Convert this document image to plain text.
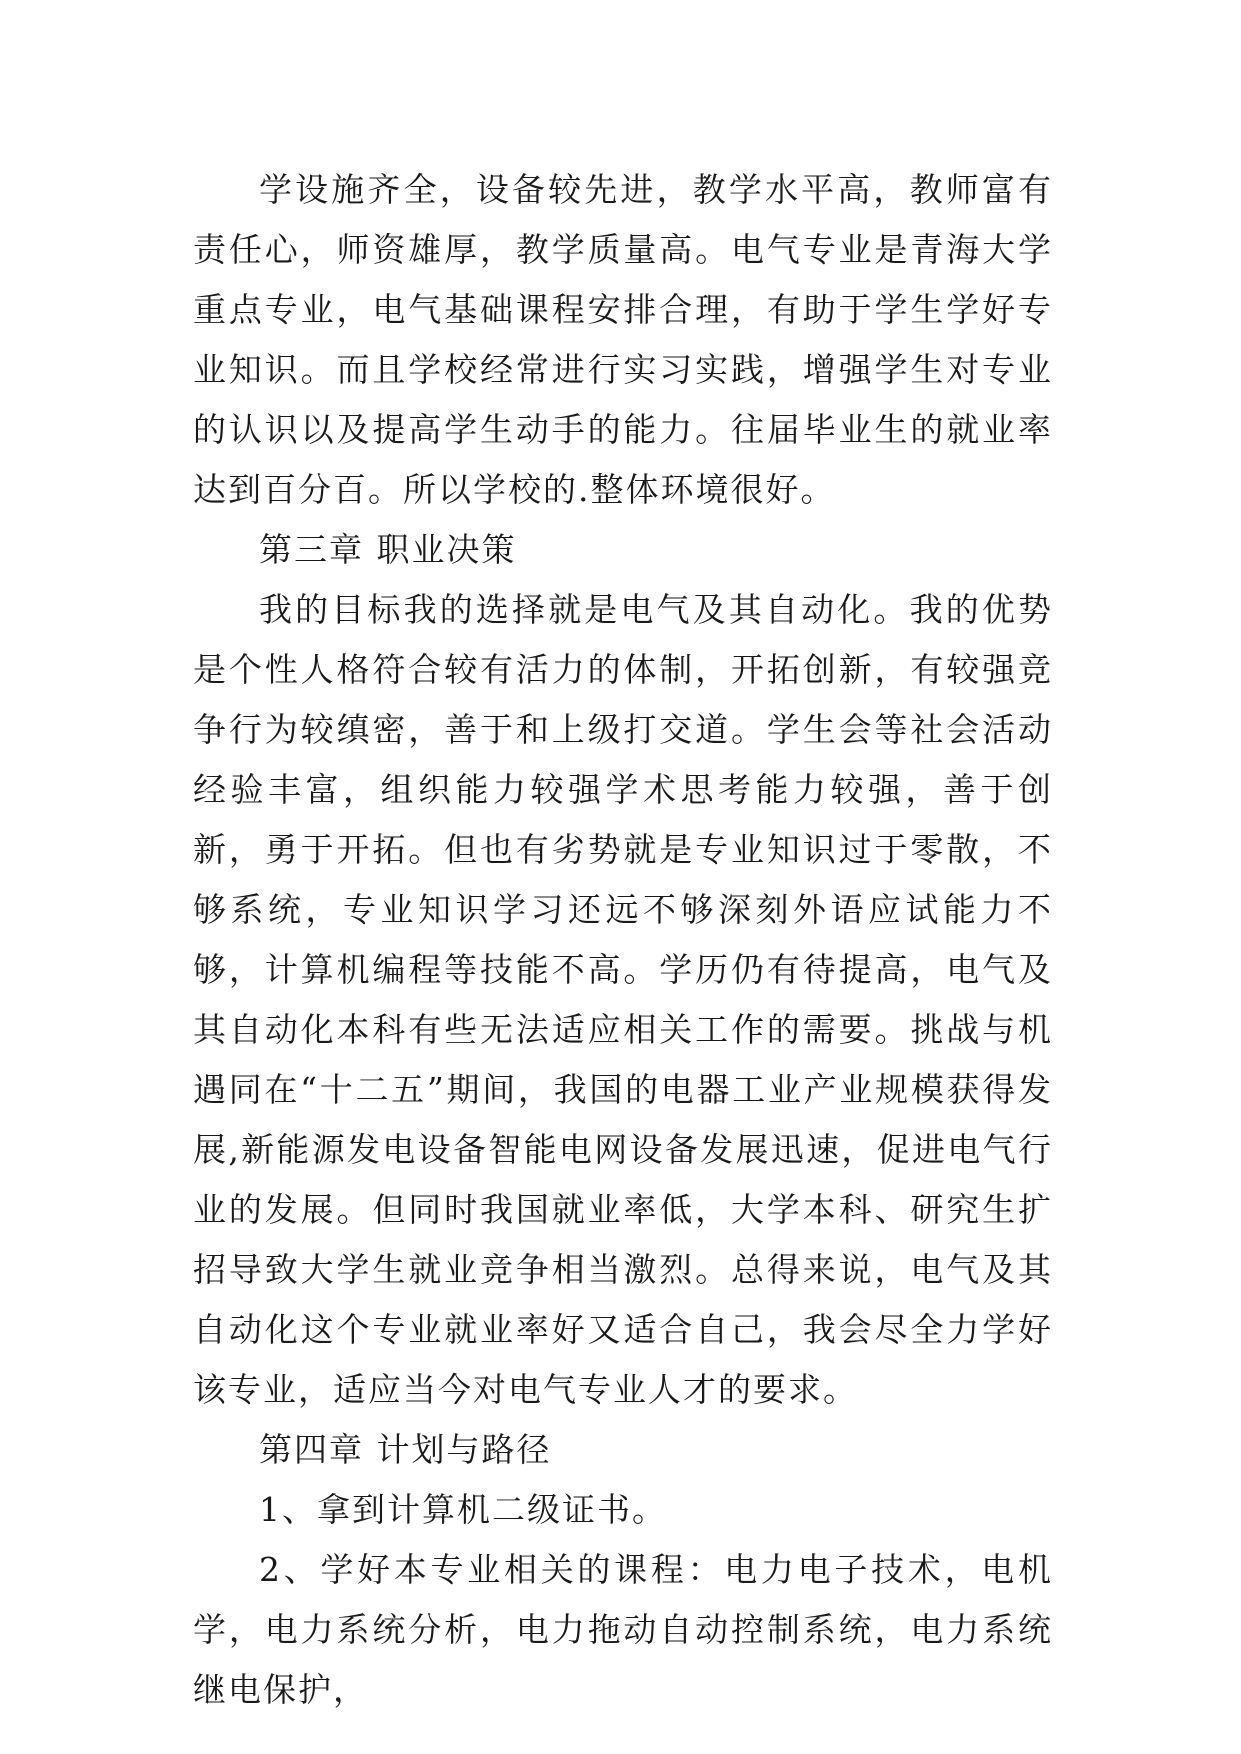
学设施齐全，设备较先进，教学水平高，教师富有责任心，师资雄厚，教学质量高。电气专业是青海大学重点专业，电气基础课程安排合理，有助于学生学好专业知识。而且学校经常进行实习实践，增强学生对专业的认识以及提高学生动手的能力。往届毕业生的就业率达到百分百。所以学校的.整体环境很好。

第三章 职业决策

我的目标我的选择就是电气及其自动化。我的优势是个性人格符合较有活力的体制，开拓创新，有较强竞争行为较缜密，善于和上级打交道。学生会等社会活动经验丰富，组织能力较强学术思考能力较强，善于创新，勇于开拓。但也有劣势就是专业知识过于零散，不够系统，专业知识学习还远不够深刻外语应试能力不够，计算机编程等技能不高。学历仍有待提高，电气及其自动化本科有些无法适应相关工作的需要。挑战与机遇同在“十二五”期间，我国的电器工业产业规模获得发展,新能源发电设备智能电网设备发展迅速，促进电气行业的发展。但同时我国就业率低，大学本科、研究生扩招导致大学生就业竞争相当激烈。总得来说，电气及其自动化这个专业就业率好又适合自己，我会尽全力学好该专业，适应当今对电气专业人才的要求。

第四章 计划与路径

1、拿到计算机二级证书。

2、学好本专业相关的课程：电力电子技术，电机学，电力系统分析，电力拖动自动控制系统，电力系统继电保护，
